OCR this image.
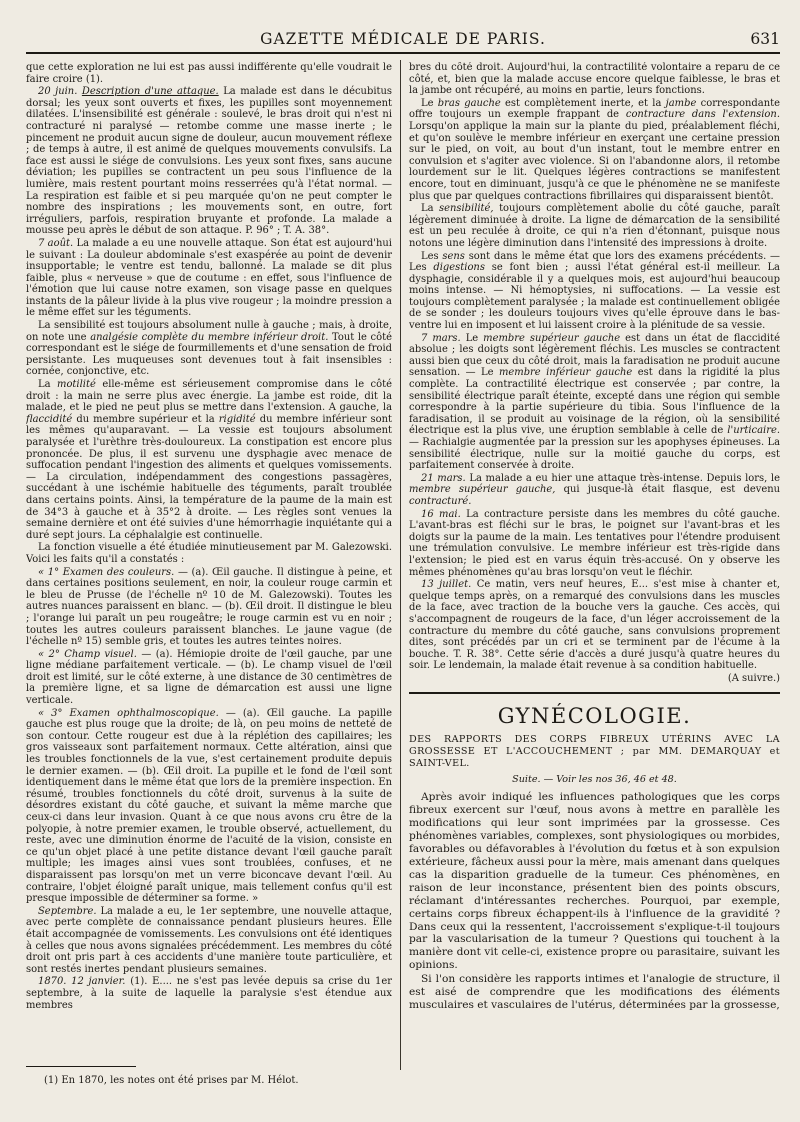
GAZETTE MÉDICALE DE PARIS.	631

que cette exploration ne lui est pas aussi indifférente qu'elle voudrait le faire croire (1).

20 juin. Description d'une attaque. La malade est dans le décubitus dorsal; les yeux sont ouverts et fixes, les pupilles sont moyennement dilatées. L'insensibilité est générale : soulevé, le bras droit qui n'est ni contracturé ni paralysé — retombe comme une masse inerte ; le pincement ne produit aucun signe de douleur, aucun mouvement réflexe ; de temps à autre, il est animé de quelques mouvements convulsifs. La face est aussi le siége de convulsions. Les yeux sont fixes, sans aucune déviation; les pupilles se contractent un peu sous l'influence de la lumière, mais restent pourtant moins resserrées qu'à l'état normal. — La respiration est faible et si peu marquée qu'on ne peut compter le nombre des inspirations ; les mouvements sont, en outre, fort irréguliers, parfois, respiration bruyante et profonde. La malade a mousse peu après le début de son attaque. P. 96° ; T. A. 38°.

7 août. La malade a eu une nouvelle attaque. Son état est aujourd'hui le suivant : La douleur abdominale s'est exaspérée au point de devenir insupportable; le ventre est tendu, ballonné. La malade se dit plus faible, plus « nerveuse » que de coutume : en effet, sous l'influence de l'émotion que lui cause notre examen, son visage passe en quelques instants de la pâleur livide à la plus vive rougeur ; la moindre pression a le même effet sur les téguments.

La sensibilité est toujours absolument nulle à gauche ; mais, à droite, on note une analgésie complète du membre inférieur droit. Tout le côté correspondant est le siége de fourmillements et d'une sensation de froid persistante. Les muqueuses sont devenues tout à fait insensibles : cornée, conjonctive, etc.

La motilité elle-même est sérieusement compromise dans le côté droit : la main ne serre plus avec énergie. La jambe est roide, dit la malade, et le pied ne peut plus se mettre dans l'extension. A gauche, la flaccidité du membre supérieur et la rigidité du membre inférieur sont les mêmes qu'auparavant. — La vessie est toujours absolument paralysée et l'urèthre très-douloureux. La constipation est encore plus prononcée. De plus, il est survenu une dysphagie avec menace de suffocation pendant l'ingestion des aliments et quelques vomissements. — La circulation, indépendamment des congestions passagères, succédant à une ischémie habituelle des téguments, paraît troublée dans certains points. Ainsi, la température de la paume de la main est de 34°3 à gauche et à 35°2 à droite. — Les règles sont venues la semaine dernière et ont été suivies d'une hémorrhagie inquiétante qui a duré sept jours. La céphalalgie est continuelle.

La fonction visuelle a été étudiée minutieusement par M. Galezowski. Voici les faits qu'il a constatés :

« 1° Examen des couleurs. — (a). Œil gauche. Il distingue à peine, et dans certaines positions seulement, en noir, la couleur rouge carmin et le bleu de Prusse (de l'échelle nº 10 de M. Galezowski). Toutes les autres nuances paraissent en blanc. — (b). Œil droit. Il distingue le bleu ; l'orange lui paraît un peu rougeâtre; le rouge carmin est vu en noir ; toutes les autres couleurs paraissent blanches. Le jaune vague (de l'échelle nº 15) semble gris, et toutes les autres teintes noires.

« 2° Champ visuel. — (a). Hémiopie droite de l'œil gauche, par une ligne médiane parfaitement verticale. — (b). Le champ visuel de l'œil droit est limité, sur le côté externe, à une distance de 30 centimètres de la première ligne, et sa ligne de démarcation est aussi une ligne verticale.

« 3° Examen ophthalmoscopique. — (a). Œil gauche. La papille gauche est plus rouge que la droite; de là, on peu moins de netteté de son contour. Cette rougeur est due à la réplétion des capillaires; les gros vaisseaux sont parfaitement normaux. Cette altération, ainsi que les troubles fonctionnels de la vue, s'est certainement produite depuis le dernier examen. — (b). Œil droit. La pupille et le fond de l'œil sont identiquement dans le même état que lors de la première inspection. En résumé, troubles fonctionnels du côté droit, survenus à la suite de désordres existant du côté gauche, et suivant la même marche que ceux-ci dans leur invasion. Quant à ce que nous avons cru être de la polyopie, à notre premier examen, le trouble observé, actuellement, du reste, avec une diminution énorme de l'acuité de la vision, consiste en ce qu'un objet placé à une petite distance devant l'œil gauche paraît multiple; les images ainsi vues sont troublées, confuses, et ne disparaissent pas lorsqu'on met un verre biconcave devant l'œil. Au contraire, l'objet éloigné paraît unique, mais tellement confus qu'il est presque impossible de déterminer sa forme. »

Septembre. La malade a eu, le 1er septembre, une nouvelle attaque, avec perte complète de connaissance pendant plusieurs heures. Elle était accompagnée de vomissements. Les convulsions ont été identiques à celles que nous avons signalées précédemment. Les membres du côté droit ont pris part à ces accidents d'une manière toute particulière, et sont restés inertes pendant plusieurs semaines.

1870. 12 janvier. (1). E.... ne s'est pas levée depuis sa crise du 1er septembre, à la suite de laquelle la paralysie s'est étendue aux membres

bres du côté droit. Aujourd'hui, la contractilité volontaire a reparu de ce côté, et, bien que la malade accuse encore quelque faiblesse, le bras et la jambe ont récupéré, au moins en partie, leurs fonctions.

Le bras gauche est complètement inerte, et la jambe correspondante offre toujours un exemple frappant de contracture dans l'extension. Lorsqu'on applique la main sur la plante du pied, préalablement fléchi, et qu'on soulève le membre inférieur en exerçant une certaine pression sur le pied, on voit, au bout d'un instant, tout le membre entrer en convulsion et s'agiter avec violence. Si on l'abandonne alors, il retombe lourdement sur le lit. Quelques légères contractions se manifestent encore, tout en diminuant, jusqu'à ce que le phénomène ne se manifeste plus que par quelques contractions fibrillaires qui disparaissent bientôt.

La sensibilité, toujours complètement abolie du côté gauche, paraît légèrement diminuée à droite. La ligne de démarcation de la sensibilité est un peu reculée à droite, ce qui n'a rien d'étonnant, puisque nous notons une légère diminution dans l'intensité des impressions à droite.

Les sens sont dans le même état que lors des examens précédents. — Les digestions se font bien ; aussi l'état général est-il meilleur. La dysphagie, considérable il y a quelques mois, est aujourd'hui beaucoup moins intense. — Ni hémoptysies, ni suffocations. — La vessie est toujours complètement paralysée ; la malade est continuellement obligée de se sonder ; les douleurs toujours vives qu'elle éprouve dans le bas-ventre lui en imposent et lui laissent croire à la plénitude de sa vessie.

7 mars. Le membre supérieur gauche est dans un état de flaccidité absolue ; les doigts sont légèrement fléchis. Les muscles se contractent aussi bien que ceux du côté droit, mais la faradisation ne produit aucune sensation. — Le membre inférieur gauche est dans la rigidité la plus complète. La contractilité électrique est conservée ; par contre, la sensibilité électrique paraît éteinte, excepté dans une région qui semble correspondre à la partie supérieure du tibia. Sous l'influence de la faradisation, il se produit au voisinage de la région, où la sensibilité électrique est la plus vive, une éruption semblable à celle de l'urticaire. — Rachialgie augmentée par la pression sur les apophyses épineuses. La sensibilité électrique, nulle sur la moitié gauche du corps, est parfaitement conservée à droite.

21 mars. La malade a eu hier une attaque très-intense. Depuis lors, le membre supérieur gauche, qui jusque-là était flasque, est devenu contracturé.

16 mai. La contracture persiste dans les membres du côté gauche. L'avant-bras est fléchi sur le bras, le poignet sur l'avant-bras et les doigts sur la paume de la main. Les tentatives pour l'étendre produisent une trémulation convulsive. Le membre inférieur est très-rigide dans l'extension; le pied est en varus équin très-accusé. On y observe les mêmes phénomènes qu'au bras lorsqu'on veut le fléchir.

13 juillet. Ce matin, vers neuf heures, E... s'est mise à chanter et, quelque temps après, on a remarqué des convulsions dans les muscles de la face, avec traction de la bouche vers la gauche. Ces accès, qui s'accompagnent de rougeurs de la face, d'un léger accroissement de la contracture du membre du côté gauche, sans convulsions proprement dites, sont précédés par un cri et se terminent par de l'écume à la bouche. T. R. 38°. Cette série d'accès a duré jusqu'à quatre heures du soir. Le lendemain, la malade était revenue à sa condition habituelle.

(A suivre.)

GYNÉCOLOGIE.
DES RAPPORTS DES CORPS FIBREUX UTÉRINS AVEC LA GROSSESSE ET L'ACCOUCHEMENT ; par MM. DEMARQUAY et SAINT-VEL.
Suite. — Voir les nos 36, 46 et 48.

Après avoir indiqué les influences pathologiques que les corps fibreux exercent sur l'œuf, nous avons à mettre en parallèle les modifications qui leur sont imprimées par la grossesse. Ces phénomènes variables, complexes, sont physiologiques ou morbides, favorables ou défavorables à l'évolution du fœtus et à son expulsion extérieure, fâcheux aussi pour la mère, mais amenant dans quelques cas la disparition graduelle de la tumeur. Ces phénomènes, en raison de leur inconstance, présentent bien des points obscurs, réclamant d'intéressantes recherches. Pourquoi, par exemple, certains corps fibreux échappent-ils à l'influence de la gravidité ? Dans ceux qui la ressentent, l'accroissement s'explique-t-il toujours par la vascularisation de la tumeur ? Questions qui touchent à la manière dont vit celle-ci, existence propre ou parasitaire, suivant les opinions.

Si l'on considère les rapports intimes et l'analogie de structure, il est aisé de comprendre que les modifications des éléments musculaires et vasculaires de l'utérus, déterminées par la grossesse,

(1) En 1870, les notes ont été prises par M. Hélot.
